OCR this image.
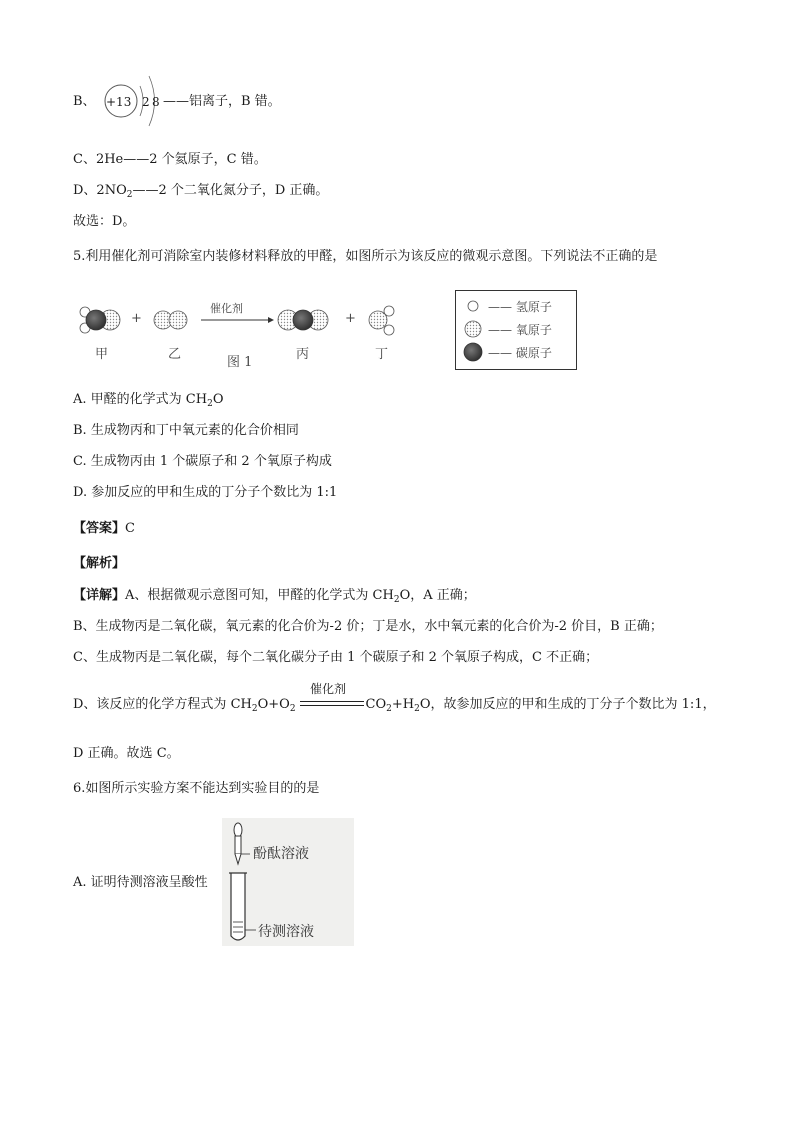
B、 +13 2 8 ——铝离子，B 错。
C、2He——2 个氦原子，C 错。
D、$2NO_2——2$ 个二氧化氮分子，D 正确。
故选：D。
5.利用催化剂可消除室内装修材料释放的甲醛，如图所示为该反应的微观示意图。下列说法不正确的是
+	+
催化剂
甲	乙
图 1
丙	丁
—— 氢原子
—— 氧原子
—— 碳原子
A. 甲醛的化学式为 $CH_2O$
B. 生成物丙和丁中氧元素的化合价相同
C. 生成物丙由 1 个碳原子和 2 个氧原子构成
D. 参加反应的甲和生成的丁分子个数比为 1:1
【答案】C
【解析】
【详解】A、根据微观示意图可知，甲醛的化学式为 $CH_2O$，A 正确；
B、生成物丙是二氧化碳，氧元素的化合价为-2 价；丁是水，水中氧元素的化合价为-2 价目，B 正确；
C、生成物丙是二氧化碳，每个二氧化碳分子由 1 个碳原子和 2 个氧原子构成，C 不正确；
D、该反应的化学方程式为 $CH_2O+O_2$	$CO_2+H_2O$，故参加反应的甲和生成的丁分子个数比为 1:1，
催化剂
D 正确。故选 C。
6.如图所示实验方案不能达到实验目的的是
A. 证明待测溶液呈酸性
酚酞溶液
待测溶液
